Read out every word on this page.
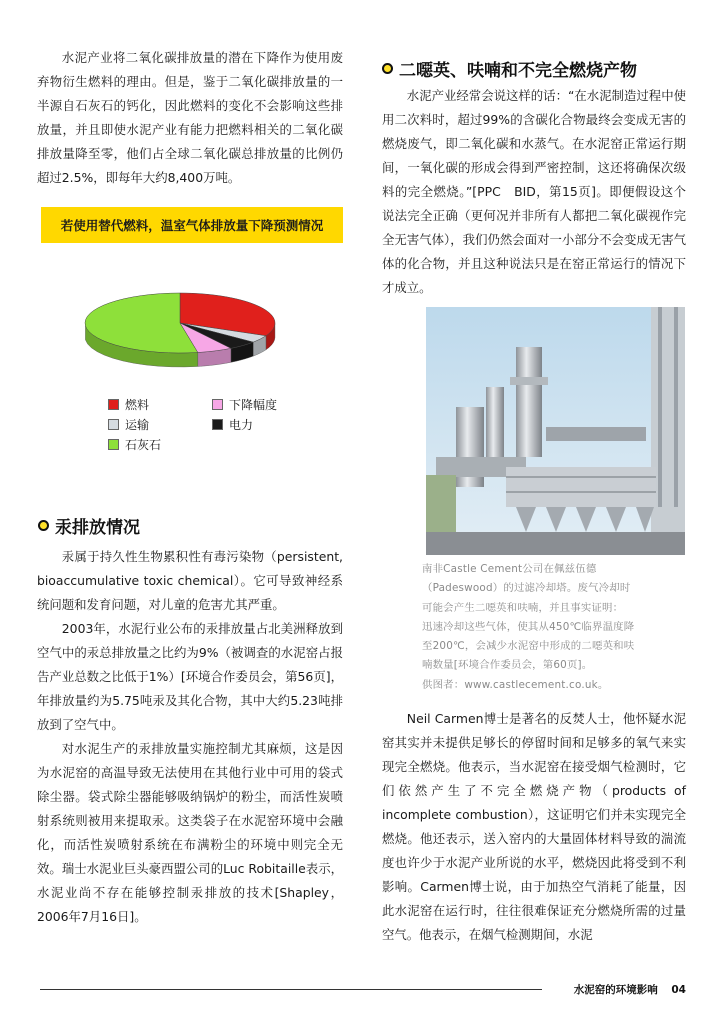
水泥产业将二氧化碳排放量的潜在下降作为使用废弃物衍生燃料的理由。但是，鉴于二氧化碳排放量的一半源自石灰石的钙化，因此燃料的变化不会影响这些排放量，并且即使水泥产业有能力把燃料相关的二氧化碳排放量降至零，他们占全球二氧化碳总排放量的比例仍超过2.5%，即每年大约8,400万吨。

若使用替代燃料，温室气体排放量下降预测情况
燃料	下降幅度
运输	电力
石灰石
汞排放情况

汞属于持久性生物累积性有毒污染物（persistent, bioaccumulative toxic chemical）。它可导致神经系统问题和发育问题，对儿童的危害尤其严重。

2003年，水泥行业公布的汞排放量占北美洲释放到空气中的汞总排放量之比约为9%（被调查的水泥窑占报告产业总数之比低于1%）[环境合作委员会，第56页]，年排放量约为5.75吨汞及其化合物，其中大约5.23吨排放到了空气中。

对水泥生产的汞排放量实施控制尤其麻烦，这是因为水泥窑的高温导致无法使用在其他行业中可用的袋式除尘器。袋式除尘器能够吸纳锅炉的粉尘，而活性炭喷射系统则被用来提取汞。这类袋子在水泥窑环境中会融化，而活性炭喷射系统在布满粉尘的环境中则完全无效。瑞士水泥业巨头豪西盟公司的Luc Robitaille表示，水泥业尚不存在能够控制汞排放的技术[Shapley，2006年7月16日]。

二噁英、呋喃和不完全燃烧产物

水泥产业经常会说这样的话：“在水泥制造过程中使用二次料时，超过99%的含碳化合物最终会变成无害的燃烧废气，即二氧化碳和水蒸气。在水泥窑正常运行期间，一氧化碳的形成会得到严密控制，这还将确保次级料的完全燃烧。”[PPC　BID，第15页]。即便假设这个说法完全正确（更何况并非所有人都把二氧化碳视作完全无害气体），我们仍然会面对一小部分不会变成无害气体的化合物，并且这种说法只是在窑正常运行的情况下才成立。

南非Castle Cement公司在佩兹伍德

（Padeswood）的过滤冷却塔。废气冷却时

可能会产生二噁英和呋喃，并且事实证明：

迅速冷却这些气体，使其从450℃临界温度降

至200℃，会减少水泥窑中形成的二噁英和呋

喃数量[环境合作委员会，第60页]。

供图者：www.castlecement.co.uk。

Neil Carmen博士是著名的反焚人士，他怀疑水泥窑其实并未提供足够长的停留时间和足够多的氧气来实现完全燃烧。他表示，当水泥窑在接受烟气检测时，它们依然产生了不完全燃烧产物（products of incomplete combustion），这证明它们并未实现完全燃烧。他还表示，送入窑内的大量固体材料导致的湍流度也许少于水泥产业所说的水平，燃烧因此将受到不利影响。Carmen博士说，由于加热空气消耗了能量，因此水泥窑在运行时，往往很难保证充分燃烧所需的过量空气。他表示，在烟气检测期间，水泥

水泥窑的环境影响 04
